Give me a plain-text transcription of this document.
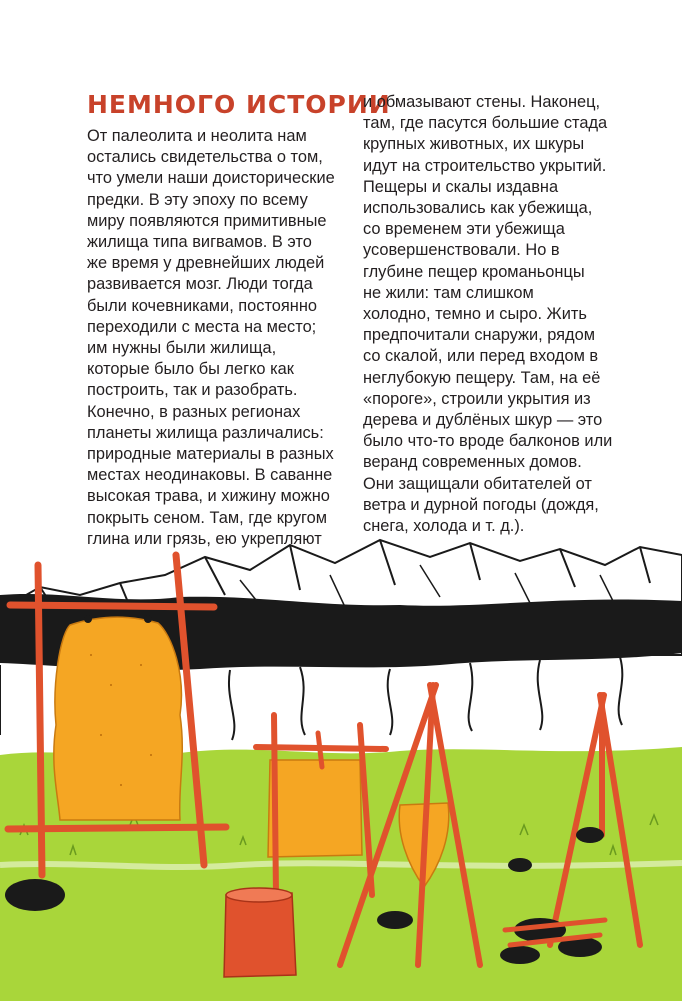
НЕМНОГО ИСТОРИИ
От палеолита и неолита нам
остались свидетельства о том,
что умели наши доисторические
предки. В эту эпоху по всему
миру появляются примитивные
жилища типа вигвамов. В это
же время у древнейших людей
развивается мозг. Люди тогда
были кочевниками, постоянно
переходили с места на место;
им нужны были жилища,
которые было бы легко как
построить, так и разобрать.
Конечно, в разных регионах
планеты жилища различались:
природные материалы в разных
местах неодинаковы. В саванне
высокая трава, и хижину можно
покрыть сеном. Там, где кругом
глина или грязь, ею укрепляют
и обмазывают стены. Наконец,
там, где пасутся большие стада
крупных животных, их шкуры
идут на строительство укрытий.
Пещеры и скалы издавна
использовались как убежища,
со временем эти убежища
усовершенствовали. Но в
глубине пещер кроманьонцы
не жили: там слишком
холодно, темно и сыро. Жить
предпочитали снаружи, рядом
со скалой, или перед входом в
неглубокую пещеру. Там, на её
«пороге», строили укрытия из
дерева и дублёных шкур — это
было что-то вроде балконов или
веранд современных домов.
Они защищали обитателей от
ветра и дурной погоды (дождя,
снега, холода и т. д.).
